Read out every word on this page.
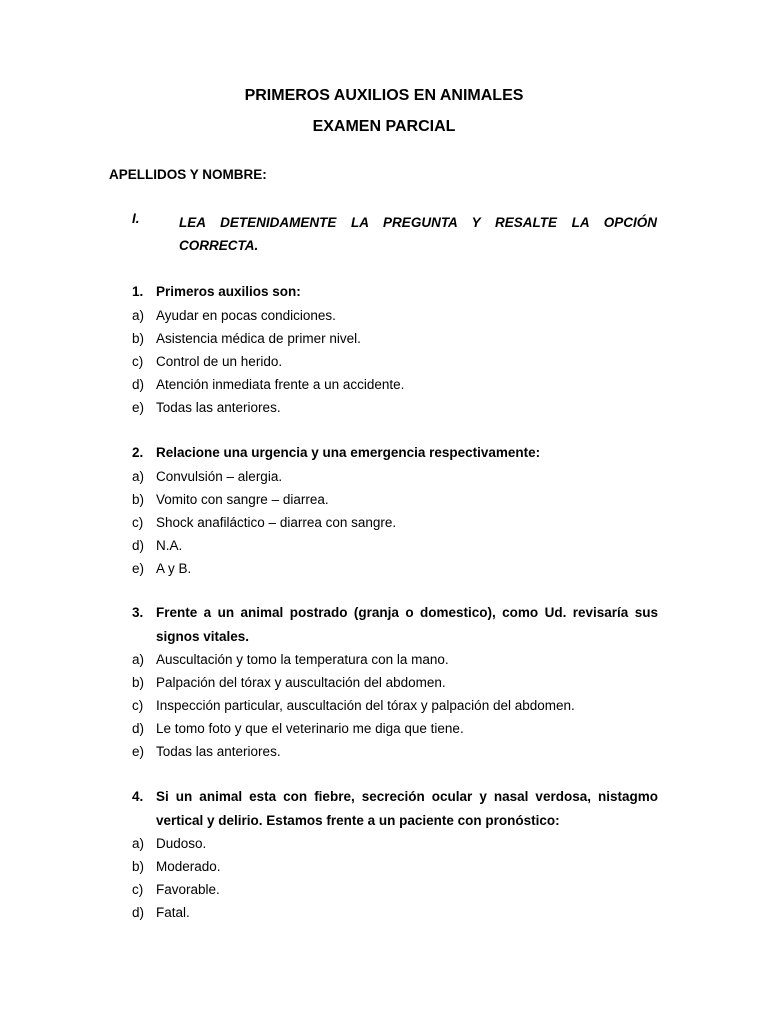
PRIMEROS AUXILIOS EN ANIMALES
EXAMEN PARCIAL
APELLIDOS Y NOMBRE:
I.	LEA DETENIDAMENTE LA PREGUNTA Y RESALTE LA OPCIÓN CORRECTA.
1. Primeros auxilios son:
a) Ayudar en pocas condiciones.
b) Asistencia médica de primer nivel.
c) Control de un herido.
d) Atención inmediata frente a un accidente.
e) Todas las anteriores.
2. Relacione una urgencia y una emergencia respectivamente:
a) Convulsión – alergia.
b) Vomito con sangre – diarrea.
c) Shock anafiláctico – diarrea con sangre.
d) N.A.
e) A y B.
3. Frente a un animal postrado (granja o domestico), como Ud. revisaría sus signos vitales.
a) Auscultación y tomo la temperatura con la mano.
b) Palpación del tórax y auscultación del abdomen.
c) Inspección particular, auscultación del tórax y palpación del abdomen.
d) Le tomo foto y que el veterinario me diga que tiene.
e) Todas las anteriores.
4. Si un animal esta con fiebre, secreción ocular y nasal verdosa, nistagmo vertical y delirio. Estamos frente a un paciente con pronóstico:
a) Dudoso.
b) Moderado.
c) Favorable.
d) Fatal.
